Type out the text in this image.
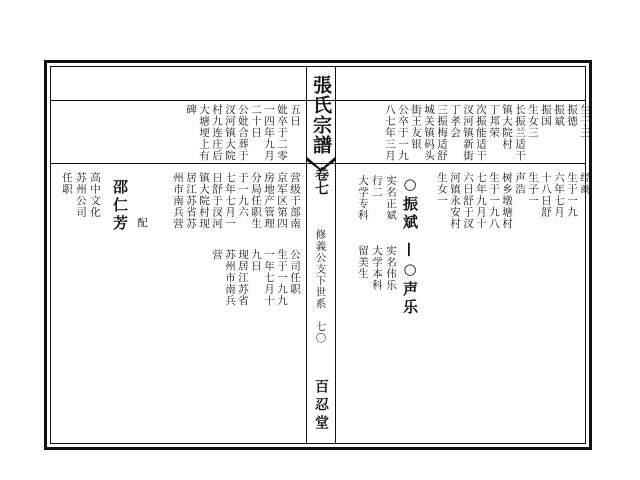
張氏宗譜
卷七
修義公支下世系　七〇
百忍堂
生于三
经商
振德
生于一九
振斌
六年七月
振国
十八日舒
生女三
生子一
长振兰适干
声浩
镇大院村
树乡墩塘村
丁邦荣
生于一九八
次振能适干
七年九月十
汊河镇新街
六日舒于汊
丁孝会
河镇永安村
三振梅适舒
生女一
城关镇码头
街王友银
公卒于一九
八七年三月
○振斌
—○声乐
实名正斌
行二
大学专科
实名伟乐
大学本科
留美生
五日
妣卒于二零
一四年九月
二十日
公妣合葬于
汊河镇大院
村九连庄后
大塘埂上有
碑
营级干部南
京军区第四
房地产管理
分局任职生
于一九六
七年七月一
日舒于汊河
镇大院村现
居江苏省苏
州市南兵营
公司任职
生于一九九
一年七月十
九日
现居江苏省
苏州市南兵
营
邵仁芳 配
高中文化
苏州公司
任职
